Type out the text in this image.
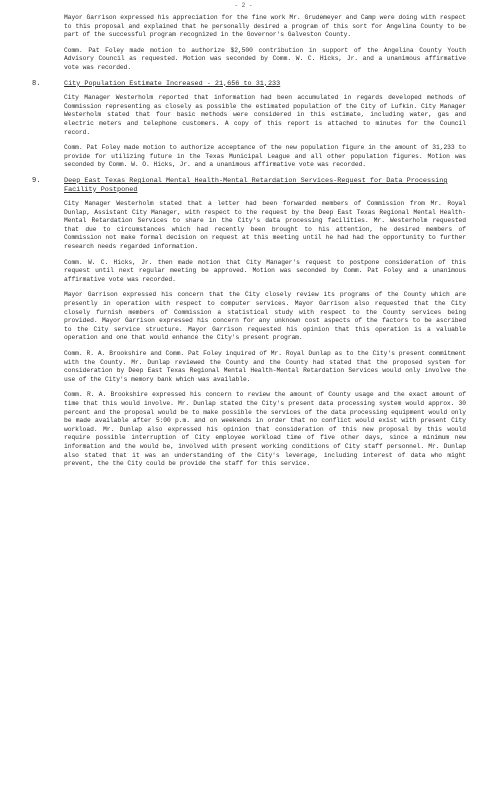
- 2 -

Mayor Garrison expressed his appreciation for the fine work Mr. Grudemeyer and Camp were doing with respect to this proposal and explained that he personally desired a program of this sort for Angelina County to be part of the successful program recognized in the Governor's Galveston County.

Comm. Pat Foley made motion to authorize $2,500 contribution in support of the Angelina County Youth Advisory Council as requested. Motion was seconded by Comm. W. C. Hicks, Jr. and a unanimous affirmative vote was recorded.

8.	City Population Estimate Increased - 21,656 to 31,233

City Manager Westerholm reported that information had been accumulated in regards developed methods of Commission representing as closely as possible the estimated population of the City of Lufkin. City Manager Westerholm stated that four basic methods were considered in this estimate, including water, gas and electric meters and telephone customers. A copy of this report is attached to minutes for the Council record.

Comm. Pat Foley made motion to authorize acceptance of the new population figure in the amount of 31,233 to provide for utilizing future in the Texas Municipal League and all other population figures. Motion was seconded by Comm. W. O. Hicks, Jr. and a unanimous affirmative vote was recorded.

9.	Deep East Texas Regional Mental Health-Mental Retardation Services-Request for Data Processing Facility Postponed

City Manager Westerholm stated that a letter had been forwarded members of Commission from Mr. Royal Dunlap, Assistant City Manager, with respect to the request by the Deep East Texas Regional Mental Health-Mental Retardation Services to share in the City's data processing facilities. Mr. Westerholm requested that due to circumstances which had recently been brought to his attention, he desired members of Commission not make formal decision on request at this meeting until he had had the opportunity to further research needs regarded information.

Comm. W. C. Hicks, Jr. then made motion that City Manager's request to postpone consideration of this request until next regular meeting be approved. Motion was seconded by Comm. Pat Foley and a unanimous affirmative vote was recorded.

Mayor Garrison expressed his concern that the City closely review its programs of the County which are presently in operation with respect to computer services. Mayor Garrison also requested that the City closely furnish members of Commission a statistical study with respect to the County services being provided. Mayor Garrison expressed his concern for any unknown cost aspects of the factors to be ascribed to the City service structure. Mayor Garrison requested his opinion that this operation is a valuable operation and one that would enhance the City's present program.

Comm. R. A. Brookshire and Comm. Pat Foley inquired of Mr. Royal Dunlap as to the City's present commitment with the County. Mr. Dunlap reviewed the County and the County had stated that the proposed system for consideration by Deep East Texas Regional Mental Health-Mental Retardation Services would only involve the use of the City's memory bank which was available.

Comm. R. A. Brookshire expressed his concern to review the amount of County usage and the exact amount of time that this would involve. Mr. Dunlap stated the City's present data processing system would approx. 30 percent and the proposal would be to make possible the services of the data processing equipment would only be made available after 5:00 p.m. and on weekends in order that no conflict would exist with present City workload. Mr. Dunlap also expressed his opinion that consideration of this new proposal by this would require possible interruption of City employee workload time of five other days, since a minimum new information and the would be, involved with present working conditions of City staff personnel. Mr. Dunlap also stated that it was an understanding of the City's leverage, including interest of data who might prevent, the the City could be provide the staff for this service.
